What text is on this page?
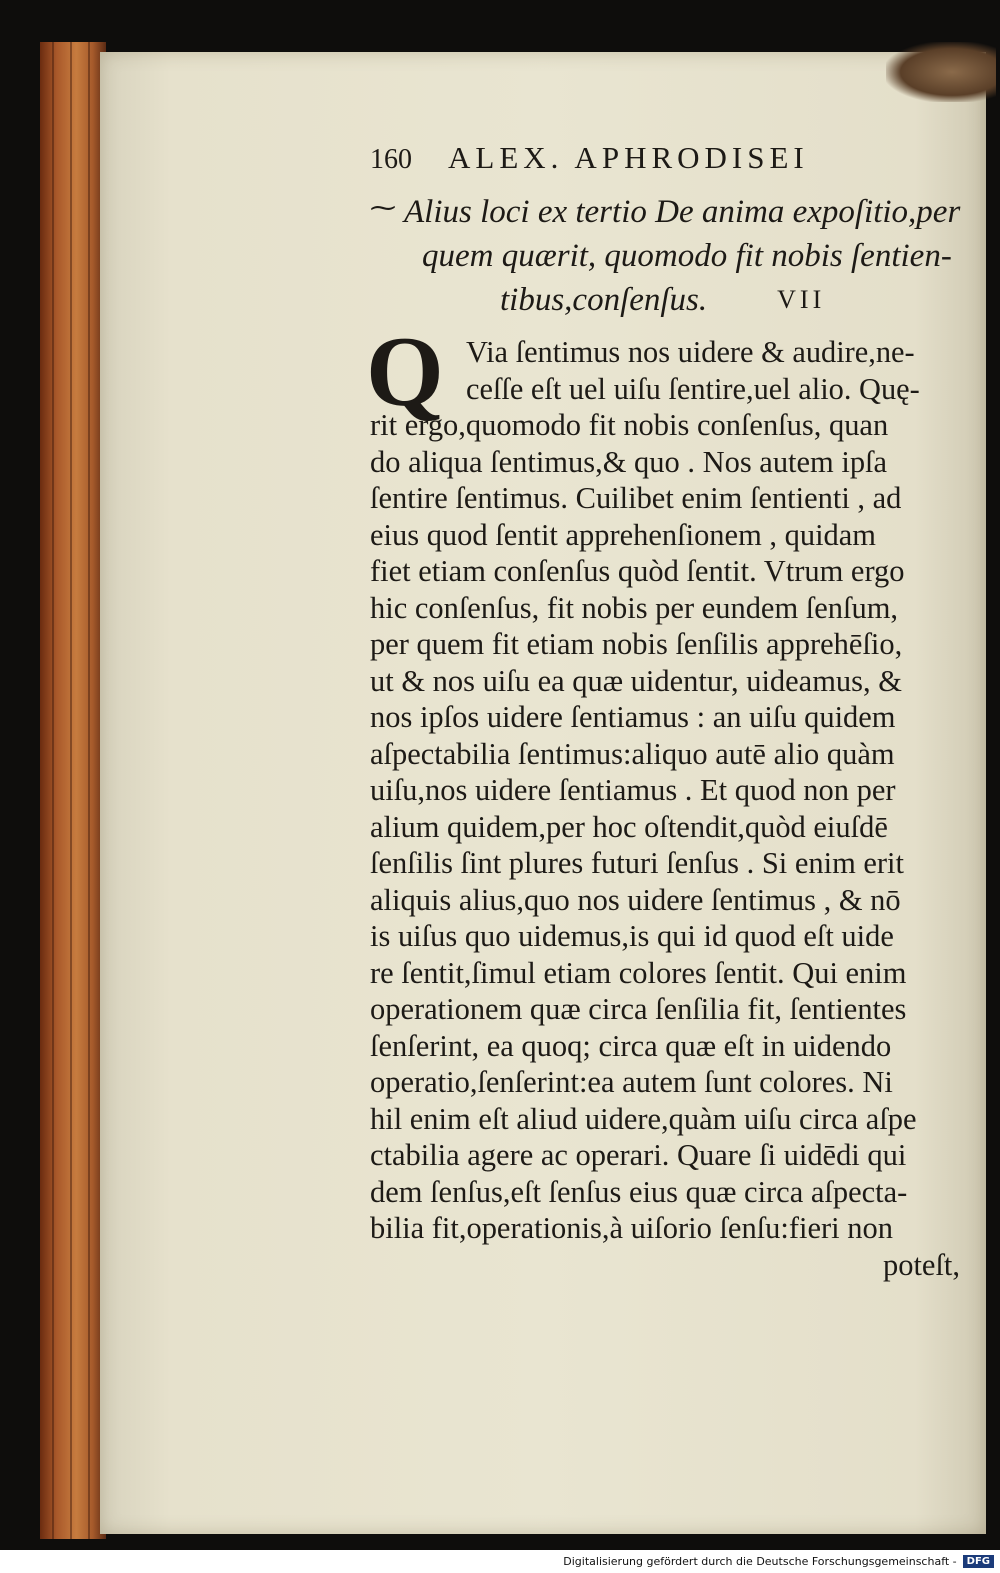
160 ALEX. APHRODISEI
⁓ Alius loci ex tertio De anima expoſitio,per
quem quærit, quomodo fit nobis ſentien-
tibus,conſenſus.	VII
Q Via ſentimus nos uidere & audire,ne-
ceſſe eſt uel uiſu ſentire,uel alio. Quę-
rit ergo,quomodo fit nobis conſenſus, quan
do aliqua ſentimus,& quo . Nos autem ipſa
ſentire ſentimus. Cuilibet enim ſentienti , ad
eius quod ſentit apprehenſionem , quidam
fiet etiam conſenſus quòd ſentit. Vtrum ergo
hic conſenſus, fit nobis per eundem ſenſum,
per quem fit etiam nobis ſenſilis apprehēſio,
ut & nos uiſu ea quæ uidentur, uideamus, &
nos ipſos uidere ſentiamus : an uiſu quidem
aſpectabilia ſentimus:aliquo autē alio quàm
uiſu,nos uidere ſentiamus . Et quod non per
alium quidem,per hoc oſtendit,quòd eiuſdē
ſenſilis ſint plures futuri ſenſus . Si enim erit
aliquis alius,quo nos uidere ſentimus , & nō
is uiſus quo uidemus,is qui id quod eſt uide
re ſentit,ſimul etiam colores ſentit. Qui enim
operationem quæ circa ſenſilia fit, ſentientes
ſenſerint, ea quoq; circa quæ eſt in uidendo
operatio,ſenſerint:ea autem ſunt colores. Ni
hil enim eſt aliud uidere,quàm uiſu circa aſpe
ctabilia agere ac operari. Quare ſi uidēdi qui
dem ſenſus,eſt ſenſus eius quæ circa aſpecta-
bilia fit,operationis,à uiſorio ſenſu:fieri non
poteſt,
Digitalisierung gefördert durch die Deutsche Forschungsgemeinschaft -	DFG
